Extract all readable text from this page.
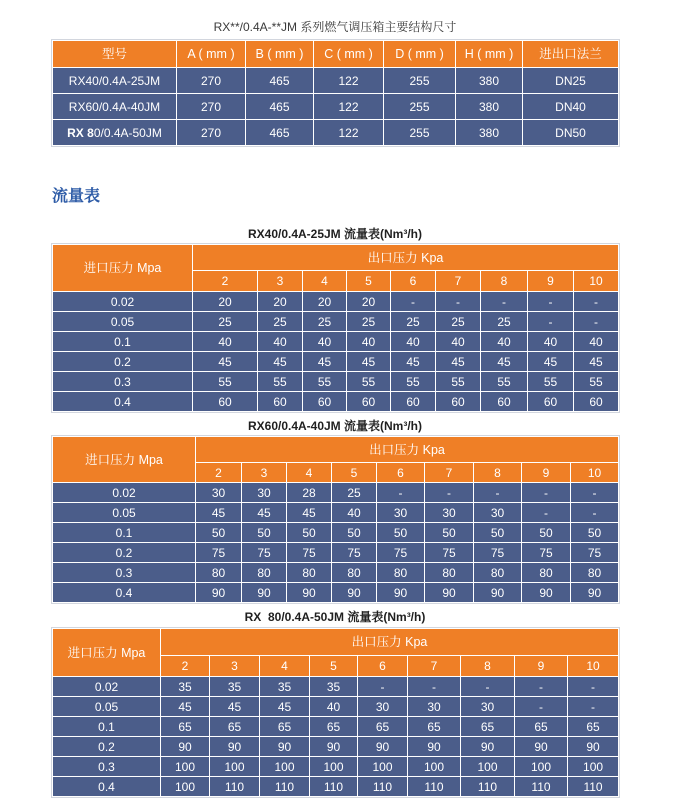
RX**/0.4A-**JM 系列燃气调压箱主要结构尺寸

型号	A ( mm )	B ( mm )	C ( mm )	D ( mm )	H ( mm )	进出口法兰
RX40/0.4A-25JM	270	465	122	255	380	DN25
RX60/0.4A-40JM	270	465	122	255	380	DN40
RX 80/0.4A-50JM	270	465	122	255	380	DN50
流量表

RX40/0.4A-25JM 流量表(Nm³/h)

进口压力 Mpa	出口压力 Kpa								
	2	3	4	5	6	7	8	9	10
0.02	20	20	20	20	-	-	-	-	-
0.05	25	25	25	25	25	25	25	-	-
0.1	40	40	40	40	40	40	40	40	40
0.2	45	45	45	45	45	45	45	45	45
0.3	55	55	55	55	55	55	55	55	55
0.4	60	60	60	60	60	60	60	60	60

RX60/0.4A-40JM 流量表(Nm³/h)

进口压力 Mpa	出口压力 Kpa								
	2	3	4	5	6	7	8	9	10
0.02	30	30	28	25	-	-	-	-	-
0.05	45	45	45	40	30	30	30	-	-
0.1	50	50	50	50	50	50	50	50	50
0.2	75	75	75	75	75	75	75	75	75
0.3	80	80	80	80	80	80	80	80	80
0.4	90	90	90	90	90	90	90	90	90

RX  80/0.4A-50JM 流量表(Nm³/h)

进口压力 Mpa	出口压力 Kpa								
	2	3	4	5	6	7	8	9	10
0.02	35	35	35	35	-	-	-	-	-
0.05	45	45	45	40	30	30	30	-	-
0.1	65	65	65	65	65	65	65	65	65
0.2	90	90	90	90	90	90	90	90	90
0.3	100	100	100	100	100	100	100	100	100
0.4	100	110	110	110	110	110	110	110	110
